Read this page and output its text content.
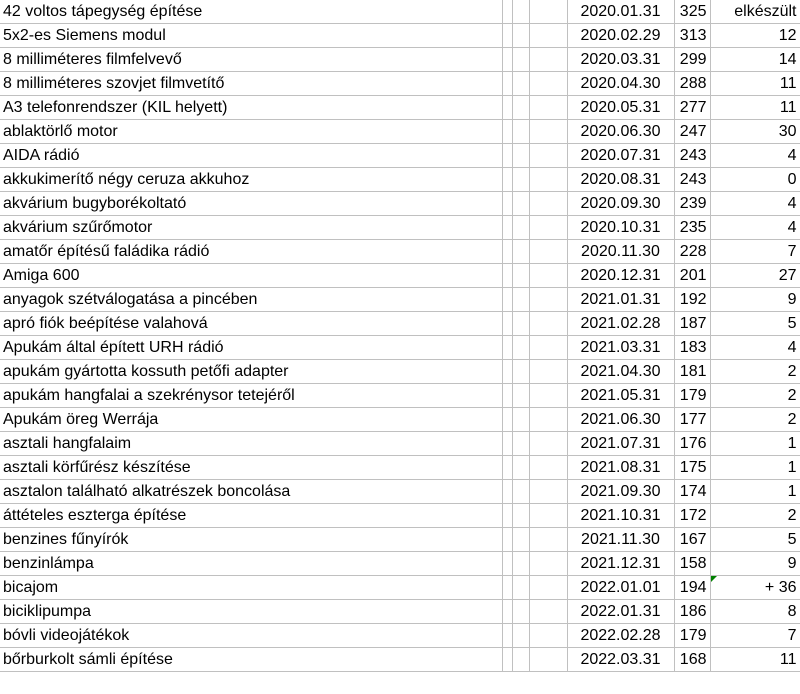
42 voltos tápegység építése				2020.01.31	325	elkészült
5x2-es Siemens modul				2020.02.29	313	12
8 milliméteres filmfelvevő				2020.03.31	299	14
8 milliméteres szovjet filmvetítő				2020.04.30	288	11
A3 telefonrendszer (KIL helyett)				2020.05.31	277	11
ablaktörlő motor				2020.06.30	247	30
AIDA rádió				2020.07.31	243	4
akkukimerítő négy ceruza akkuhoz				2020.08.31	243	0
akvárium bugyborékoltató				2020.09.30	239	4
akvárium szűrőmotor				2020.10.31	235	4
amatőr építésű faládika rádió				2020.11.30	228	7
Amiga 600				2020.12.31	201	27
anyagok szétválogatása a pincében				2021.01.31	192	9
apró fiók beépítése valahová				2021.02.28	187	5
Apukám által épített URH rádió				2021.03.31	183	4
apukám gyártotta kossuth petőfi adapter				2021.04.30	181	2
apukám hangfalai a szekrénysor tetejéről				2021.05.31	179	2
Apukám öreg Werrája				2021.06.30	177	2
asztali hangfalaim				2021.07.31	176	1
asztali körfűrész készítése				2021.08.31	175	1
asztalon található alkatrészek boncolása				2021.09.30	174	1
áttételes eszterga építése				2021.10.31	172	2
benzines fűnyírók				2021.11.30	167	5
benzinlámpa				2021.12.31	158	9
bicajom				2022.01.01	194	+ 36
biciklipumpa				2022.01.31	186	8
bóvli videojátékok				2022.02.28	179	7
bőrburkolt sámli építése				2022.03.31	168	11
